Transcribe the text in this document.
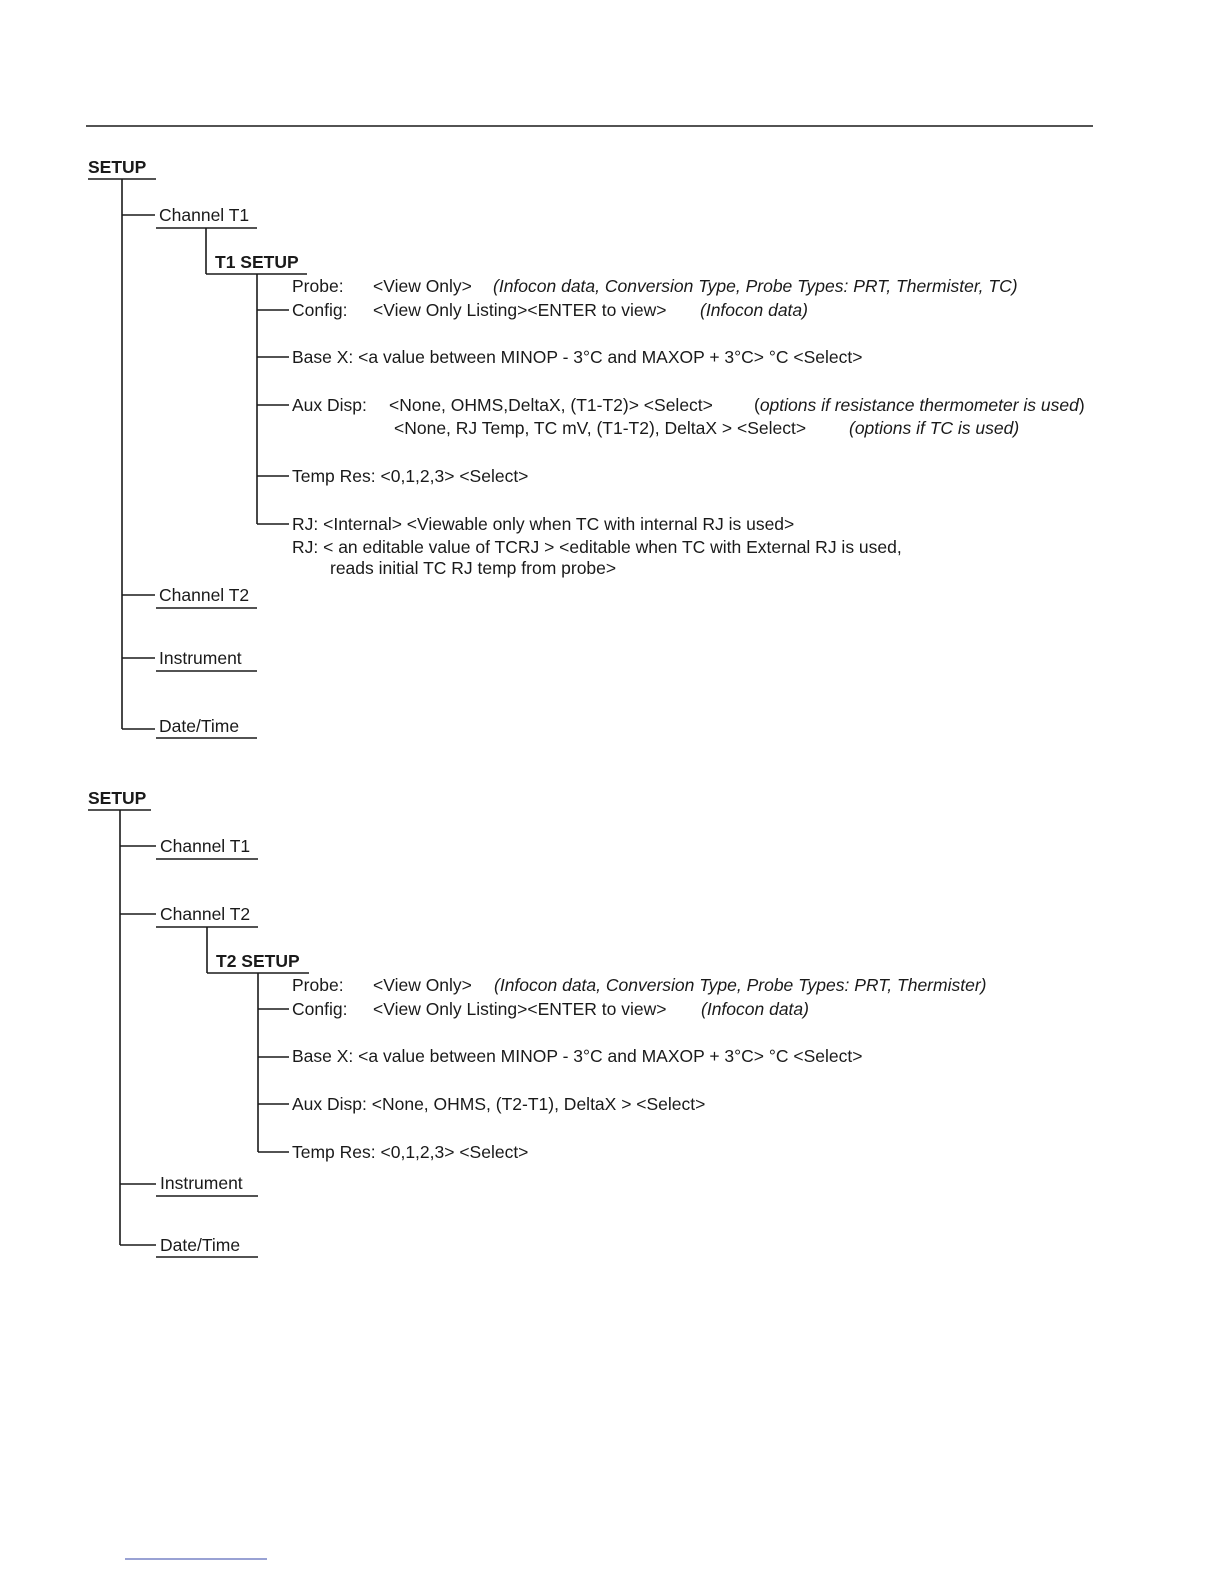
SETUP
Channel T1
T1 SETUP
Probe: <View Only> (Infocon data, Conversion Type, Probe Types: PRT, Thermister, TC)
Config: <View Only Listing><ENTER to view> (Infocon data)
Base X: <a value between MINOP - 3°C and MAXOP + 3°C> °C <Select>
Aux Disp: <None, OHMS,DeltaX, (T1-T2)> <Select> (options if resistance thermometer is used)
<None, RJ Temp, TC mV, (T1-T2), DeltaX > <Select> (options if TC is used)
Temp Res: <0,1,2,3> <Select>
RJ: <Internal> <Viewable only when TC with internal RJ is used>
RJ: < an editable value of TCRJ > <editable when TC with External RJ is used,
reads initial TC RJ temp from probe>
Channel T2
Instrument
Date/Time
SETUP
Channel T1
Channel T2
T2 SETUP
Probe: <View Only> (Infocon data, Conversion Type, Probe Types: PRT, Thermister)
Config: <View Only Listing><ENTER to view> (Infocon data)
Base X: <a value between MINOP - 3°C and MAXOP + 3°C> °C <Select>
Aux Disp: <None, OHMS, (T2-T1), DeltaX > <Select>
Temp Res: <0,1,2,3> <Select>
Instrument
Date/Time
